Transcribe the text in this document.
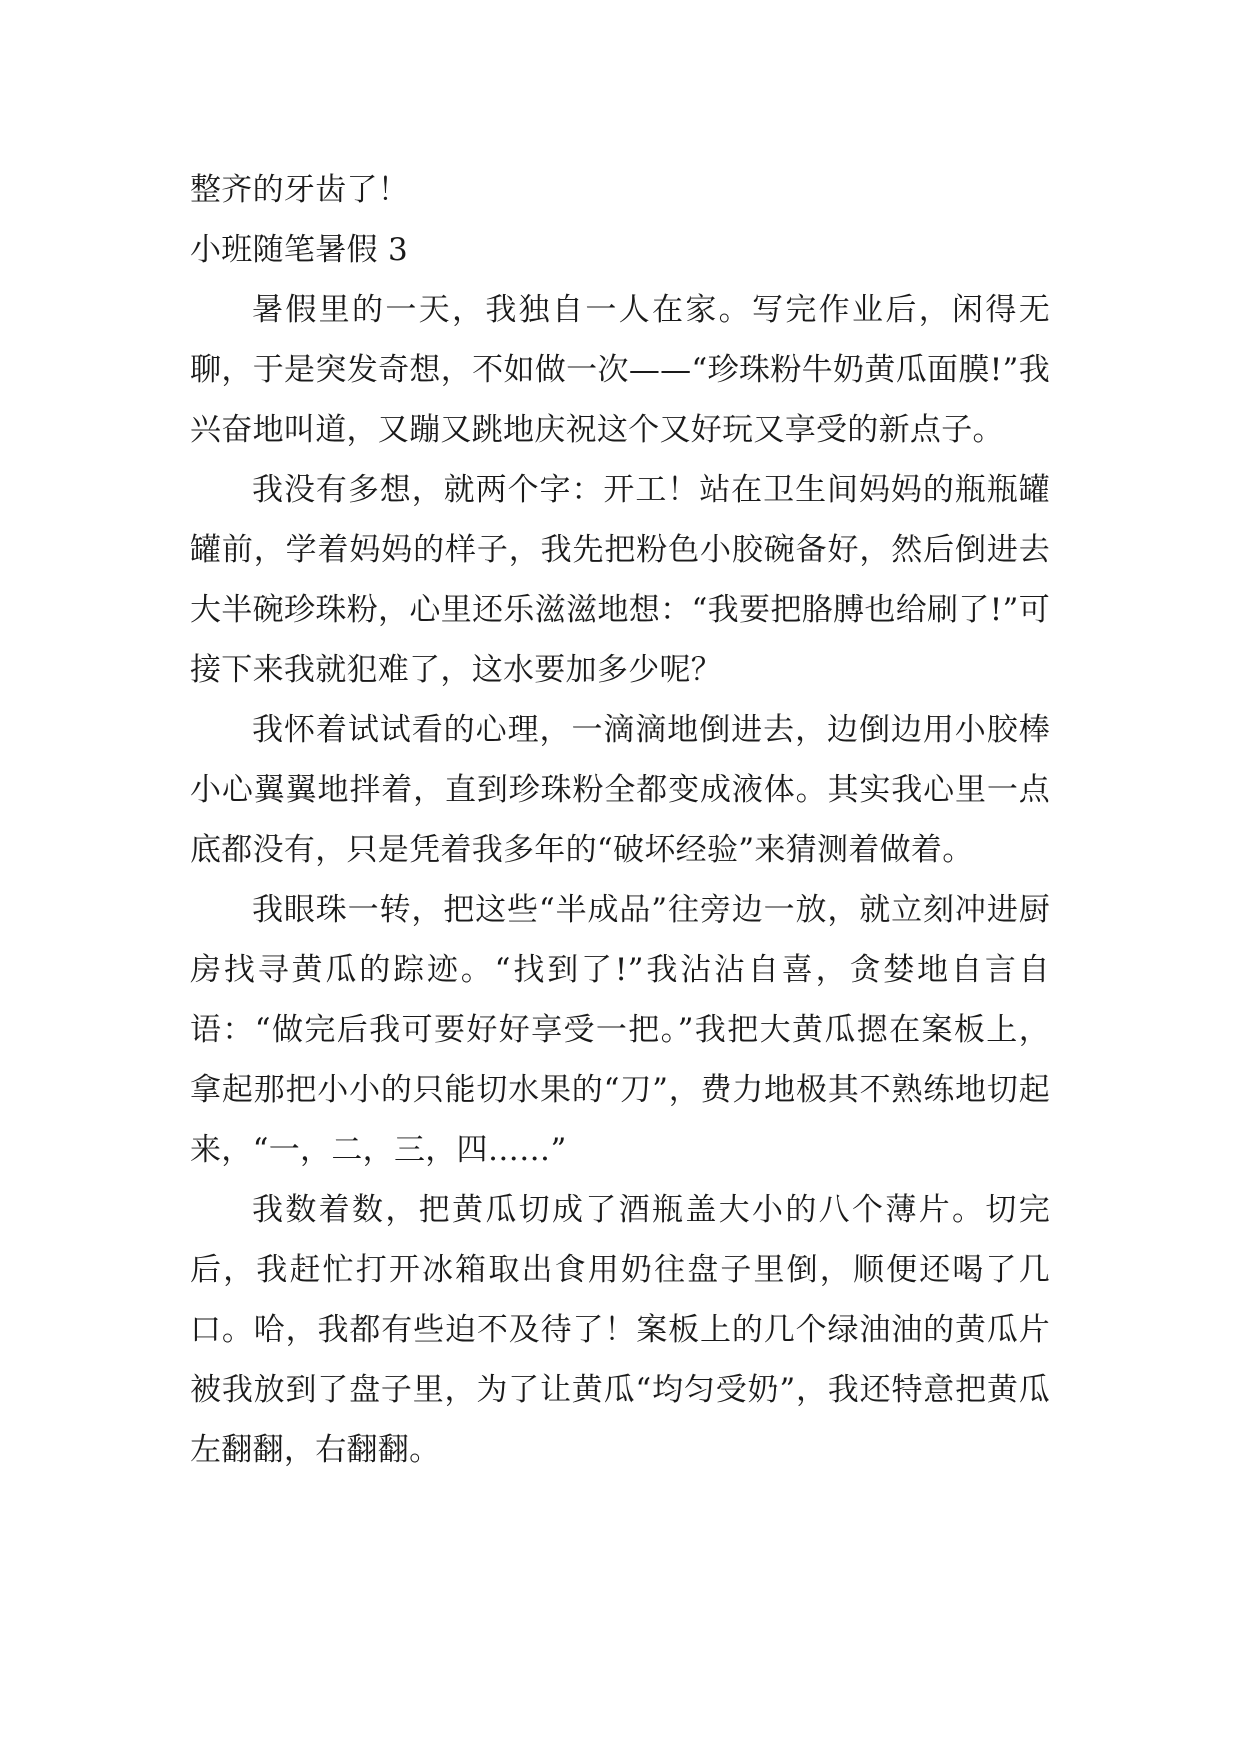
整齐的牙齿了！

小班随笔暑假 3

暑假里的一天，我独自一人在家。写完作业后，闲得无聊，于是突发奇想，不如做一次——“珍珠粉牛奶黄瓜面膜!”我兴奋地叫道，又蹦又跳地庆祝这个又好玩又享受的新点子。

我没有多想，就两个字：开工！站在卫生间妈妈的瓶瓶罐罐前，学着妈妈的样子，我先把粉色小胶碗备好，然后倒进去大半碗珍珠粉，心里还乐滋滋地想：“我要把胳膊也给刷了!”可接下来我就犯难了，这水要加多少呢？

我怀着试试看的心理，一滴滴地倒进去，边倒边用小胶棒小心翼翼地拌着，直到珍珠粉全都变成液体。其实我心里一点底都没有，只是凭着我多年的“破坏经验”来猜测着做着。

我眼珠一转，把这些“半成品”往旁边一放，就立刻冲进厨房找寻黄瓜的踪迹。“找到了!”我沾沾自喜，贪婪地自言自语：“做完后我可要好好享受一把。”我把大黄瓜摁在案板上，拿起那把小小的只能切水果的“刀”，费力地极其不熟练地切起来，“一，二，三，四……”

我数着数，把黄瓜切成了酒瓶盖大小的八个薄片。切完后，我赶忙打开冰箱取出食用奶往盘子里倒，顺便还喝了几口。哈，我都有些迫不及待了！案板上的几个绿油油的黄瓜片被我放到了盘子里，为了让黄瓜“均匀受奶”，我还特意把黄瓜左翻翻，右翻翻。
